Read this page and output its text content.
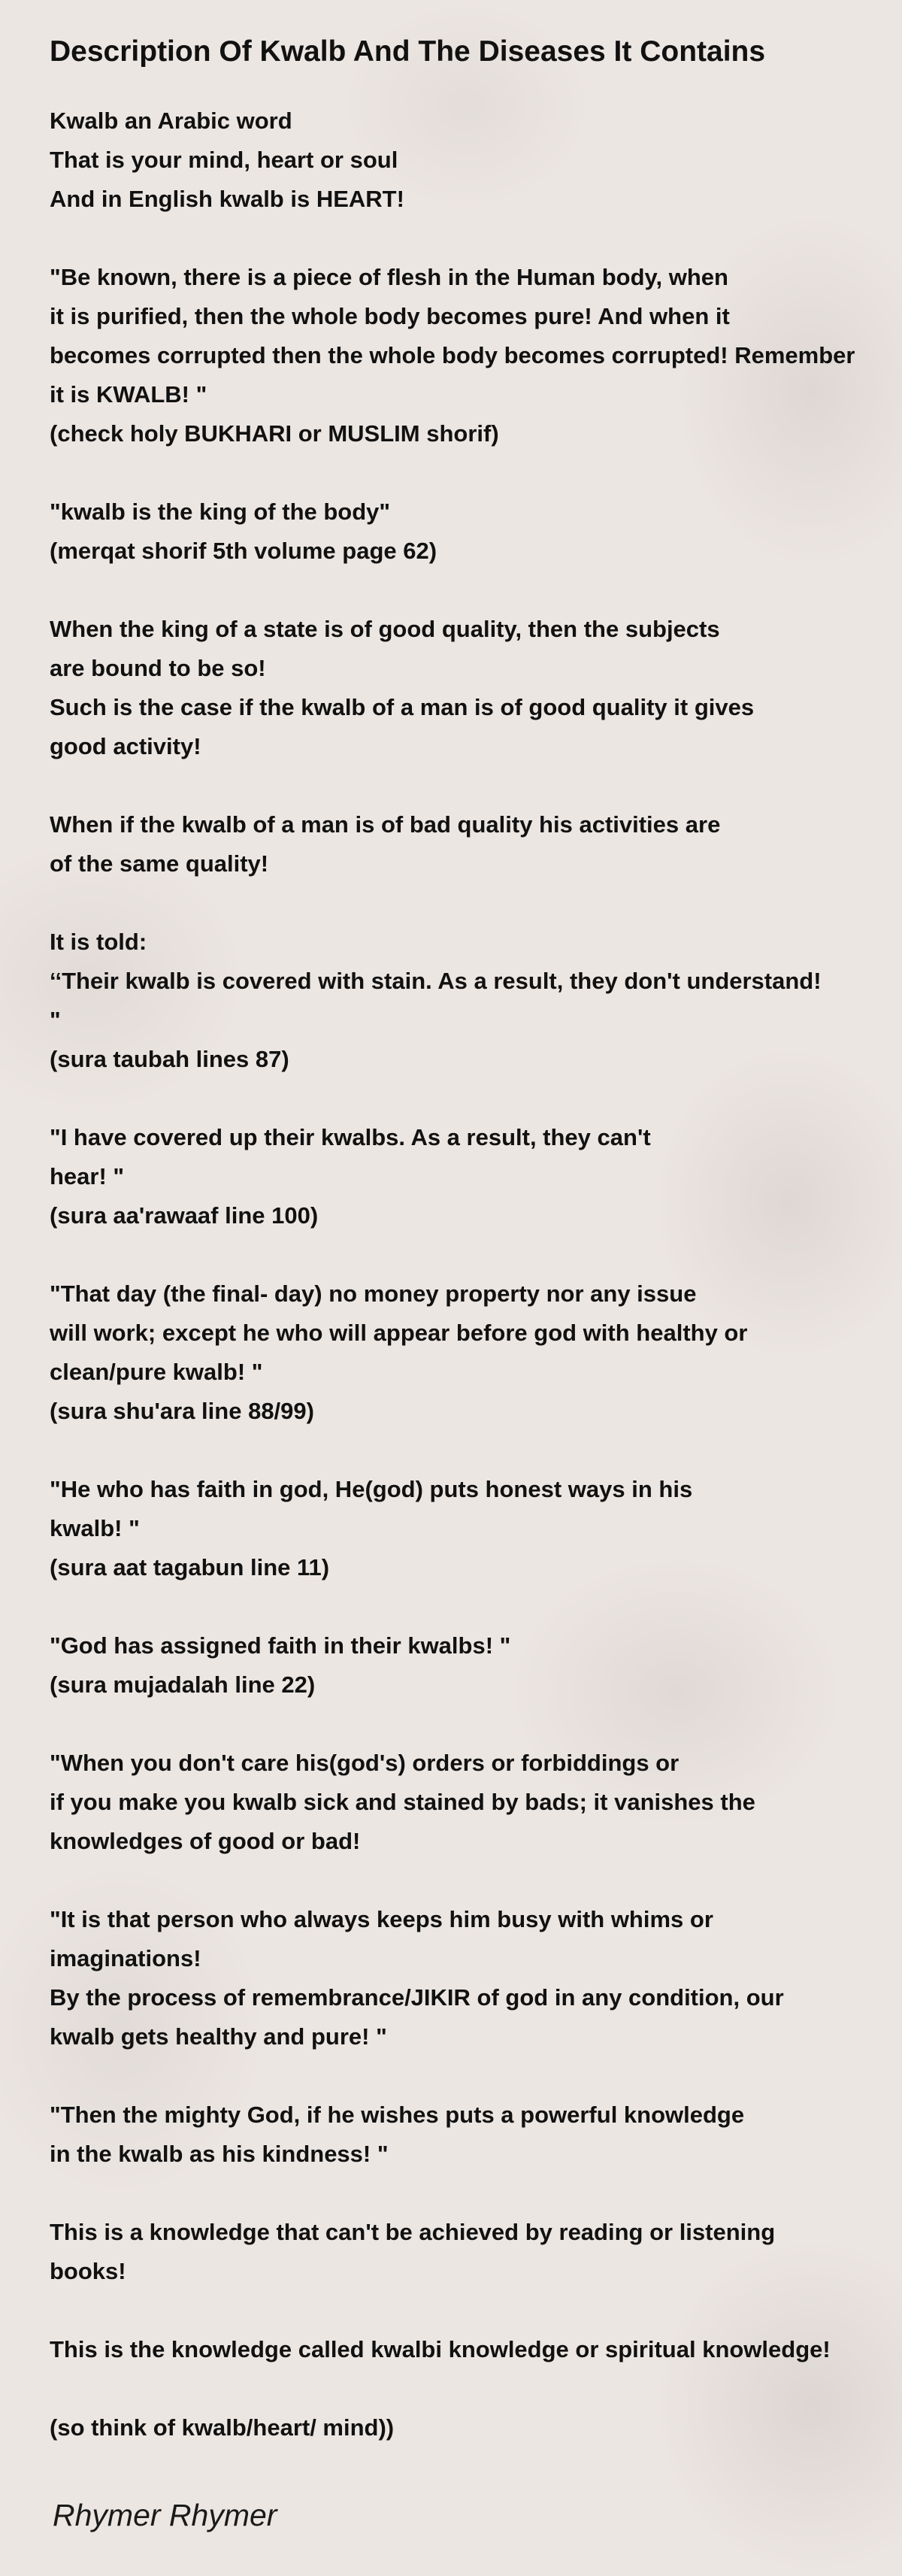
Description Of Kwalb And The Diseases It Contains
Kwalb an Arabic word
That is your mind, heart or soul
And in English kwalb is HEART!
"Be known, there is a piece of flesh in the Human body, when
it is purified, then the whole body becomes pure! And when it
becomes corrupted then the whole body becomes corrupted! Remember
it is KWALB! "
(check holy BUKHARI or MUSLIM shorif)
"kwalb is the king of the body"
(merqat shorif 5th volume page 62)
When the king of a state is of good quality, then the subjects
are bound to be so!
Such is the case if the kwalb of a man is of good quality it gives
good activity!
When if the kwalb of a man is of bad quality his activities are
of the same quality!
It is told:
‘‘Their kwalb is covered with stain. As a result, they don't understand!
"
(sura taubah lines 87)
"I have covered up their kwalbs. As a result, they can't
hear! "
(sura aa'rawaaf line 100)
"That day (the final- day) no money property nor any issue
will work; except he who will appear before god with healthy or
clean/pure kwalb! "
(sura shu'ara line 88/99)
"He who has faith in god, He(god) puts honest ways in his
kwalb! "
(sura aat tagabun line 11)
"God has assigned faith in their kwalbs! "
(sura mujadalah line 22)
"When you don't care his(god's) orders or forbiddings or
if you make you kwalb sick and stained by bads; it vanishes the
knowledges of good or bad!
"It is that person who always keeps him busy with whims or
imaginations!
By the process of remembrance/JIKIR of god in any condition, our
kwalb gets healthy and pure! "
"Then the mighty God, if he wishes puts a powerful knowledge
in the kwalb as his kindness! "
This is a knowledge that can't be achieved by reading or listening
books!
This is the knowledge called kwalbi knowledge or spiritual knowledge!
(so think of kwalb/heart/ mind))
Rhymer Rhymer
